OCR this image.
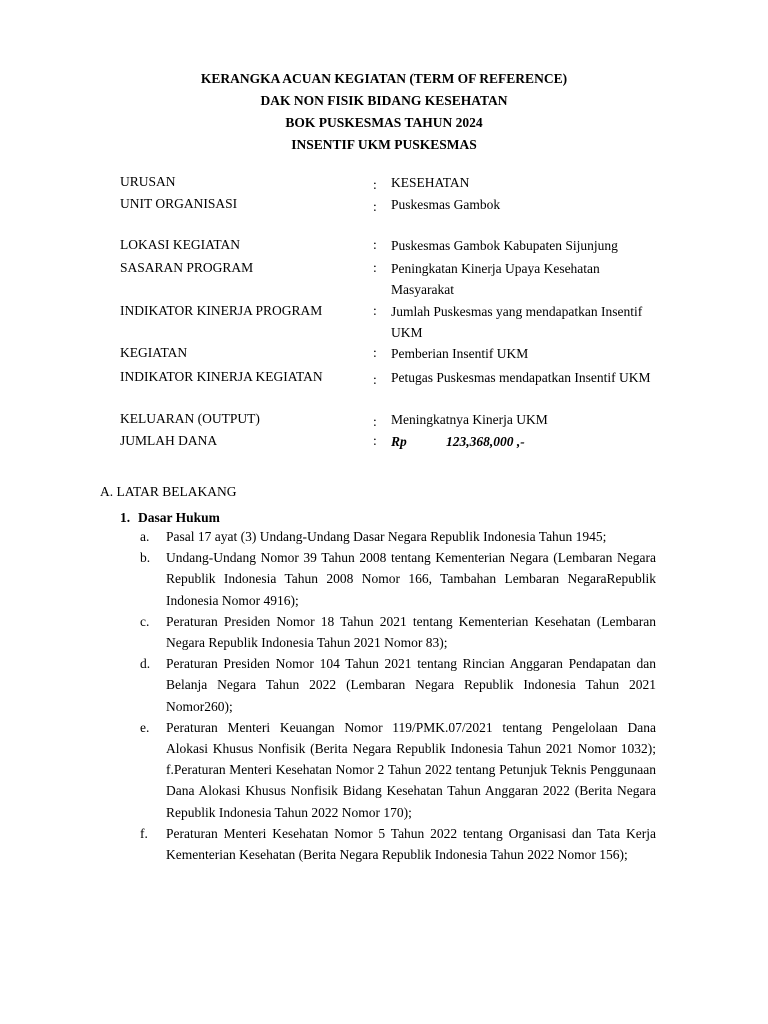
KERANGKA ACUAN KEGIATAN (TERM OF REFERENCE)
DAK NON FISIK BIDANG KESEHATAN
BOK PUSKESMAS TAHUN 2024
INSENTIF UKM PUSKESMAS
URUSAN	: KESEHATAN
UNIT ORGANISASI	: Puskesmas Gambok
LOKASI KEGIATAN	: Puskesmas Gambok Kabupaten Sijunjung
SASARAN PROGRAM	: Peningkatan Kinerja Upaya Kesehatan Masyarakat
INDIKATOR KINERJA PROGRAM	: Jumlah Puskesmas yang mendapatkan Insentif UKM
KEGIATAN	: Pemberian Insentif UKM
INDIKATOR KINERJA KEGIATAN	: Petugas Puskesmas mendapatkan Insentif UKM
KELUARAN (OUTPUT)	: Meningkatnya Kinerja UKM
JUMLAH DANA	: Rp	123,368,000 ,-
A. LATAR BELAKANG
1. Dasar Hukum
a. Pasal 17 ayat (3) Undang-Undang Dasar Negara Republik Indonesia Tahun 1945;
b. Undang-Undang Nomor 39 Tahun 2008 tentang Kementerian Negara (Lembaran Negara Republik Indonesia Tahun 2008 Nomor 166, Tambahan Lembaran NegaraRepublik Indonesia Nomor 4916);
c. Peraturan Presiden Nomor 18 Tahun 2021 tentang Kementerian Kesehatan (Lembaran Negara Republik Indonesia Tahun 2021 Nomor 83);
d. Peraturan Presiden Nomor 104 Tahun 2021 tentang Rincian Anggaran Pendapatan dan Belanja Negara Tahun 2022 (Lembaran Negara Republik Indonesia Tahun 2021 Nomor260);
e. Peraturan Menteri Keuangan Nomor 119/PMK.07/2021 tentang Pengelolaan Dana Alokasi Khusus Nonfisik (Berita Negara Republik Indonesia Tahun 2021 Nomor 1032); f.Peraturan Menteri Kesehatan Nomor 2 Tahun 2022 tentang Petunjuk Teknis Penggunaan Dana Alokasi Khusus Nonfisik Bidang Kesehatan Tahun Anggaran 2022 (Berita Negara Republik Indonesia Tahun 2022 Nomor 170);
f. Peraturan Menteri Kesehatan Nomor 5 Tahun 2022 tentang Organisasi dan Tata Kerja Kementerian Kesehatan (Berita Negara Republik Indonesia Tahun 2022 Nomor 156);
